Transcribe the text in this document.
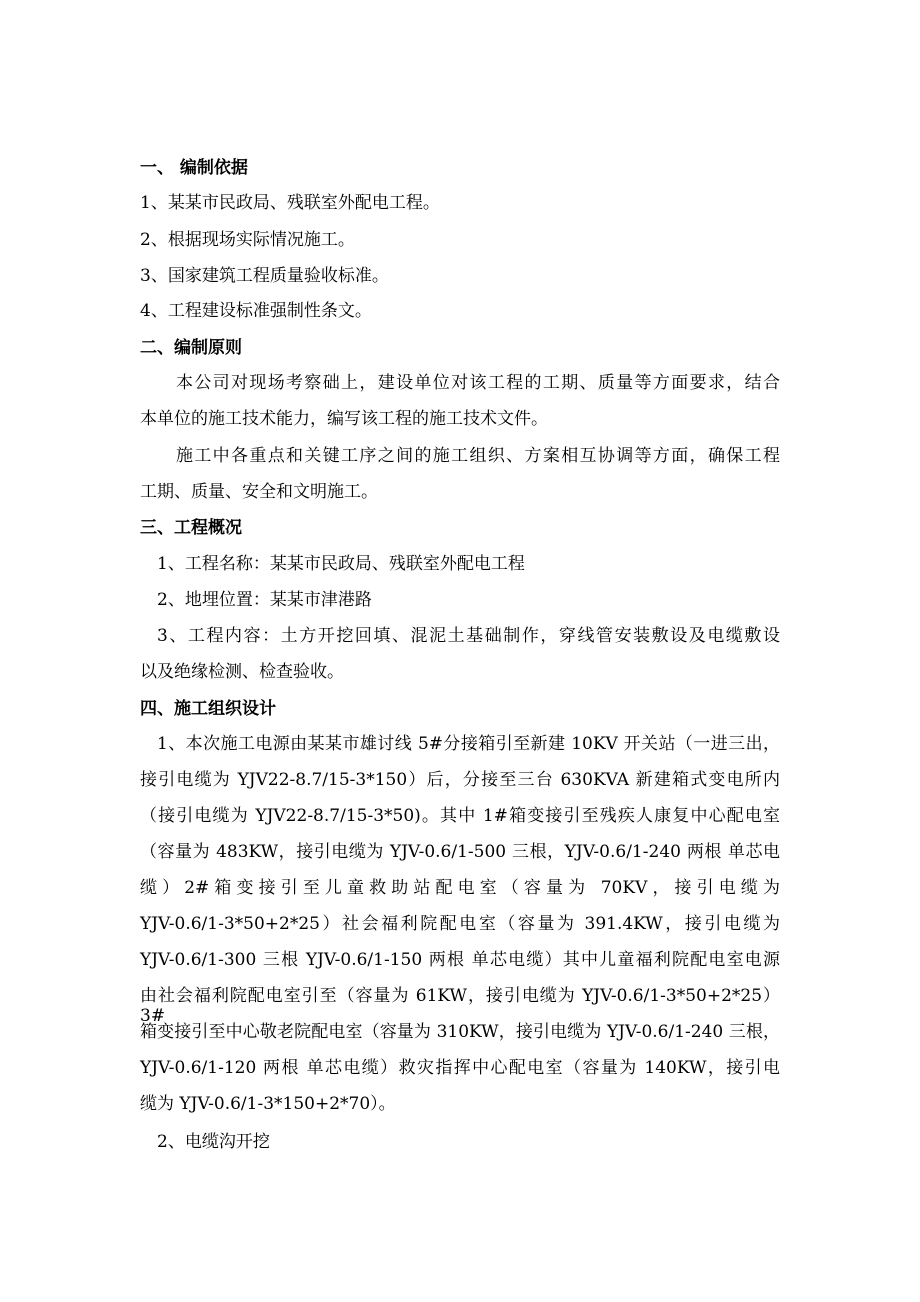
一、 编制依据
1、某某市民政局、残联室外配电工程。
2、根据现场实际情况施工。
3、国家建筑工程质量验收标准。
4、工程建设标准强制性条文。
二、编制原则
本公司对现场考察础上，建设单位对该工程的工期、质量等方面要求，结合
本单位的施工技术能力，编写该工程的施工技术文件。
施工中各重点和关键工序之间的施工组织、方案相互协调等方面，确保工程
工期、质量、安全和文明施工。
三、工程概况
1、工程名称：某某市民政局、残联室外配电工程
2、地埋位置：某某市津港路
3、工程内容：土方开挖回填、混泥土基础制作，穿线管安装敷设及电缆敷设
以及绝缘检测、检查验收。
四、施工组织设计
1、本次施工电源由某某市雄讨线 5#分接箱引至新建 10KV 开关站（一进三出，
接引电缆为 YJV22-8.7/15-3*150）后，分接至三台 630KVA 新建箱式变电所内
（接引电缆为 YJV22-8.7/15-3*50)。其中 1#箱变接引至残疾人康复中心配电室
（容量为 483KW，接引电缆为 YJV-0.6/1-500 三根，YJV-0.6/1-240 两根 单芯电
缆）2#箱变接引至儿童救助站配电室（容量为 70KV，接引电缆为
YJV-0.6/1-3*50+2*25）社会福利院配电室（容量为 391.4KW，接引电缆为
YJV-0.6/1-300 三根 YJV-0.6/1-150 两根 单芯电缆）其中儿童福利院配电室电源
由社会福利院配电室引至（容量为 61KW，接引电缆为 YJV-0.6/1-3*50+2*25）3#
箱变接引至中心敬老院配电室（容量为 310KW，接引电缆为 YJV-0.6/1-240 三根，
YJV-0.6/1-120 两根 单芯电缆）救灾指挥中心配电室（容量为 140KW，接引电
缆为 YJV-0.6/1-3*150+2*70）。
2、电缆沟开挖
